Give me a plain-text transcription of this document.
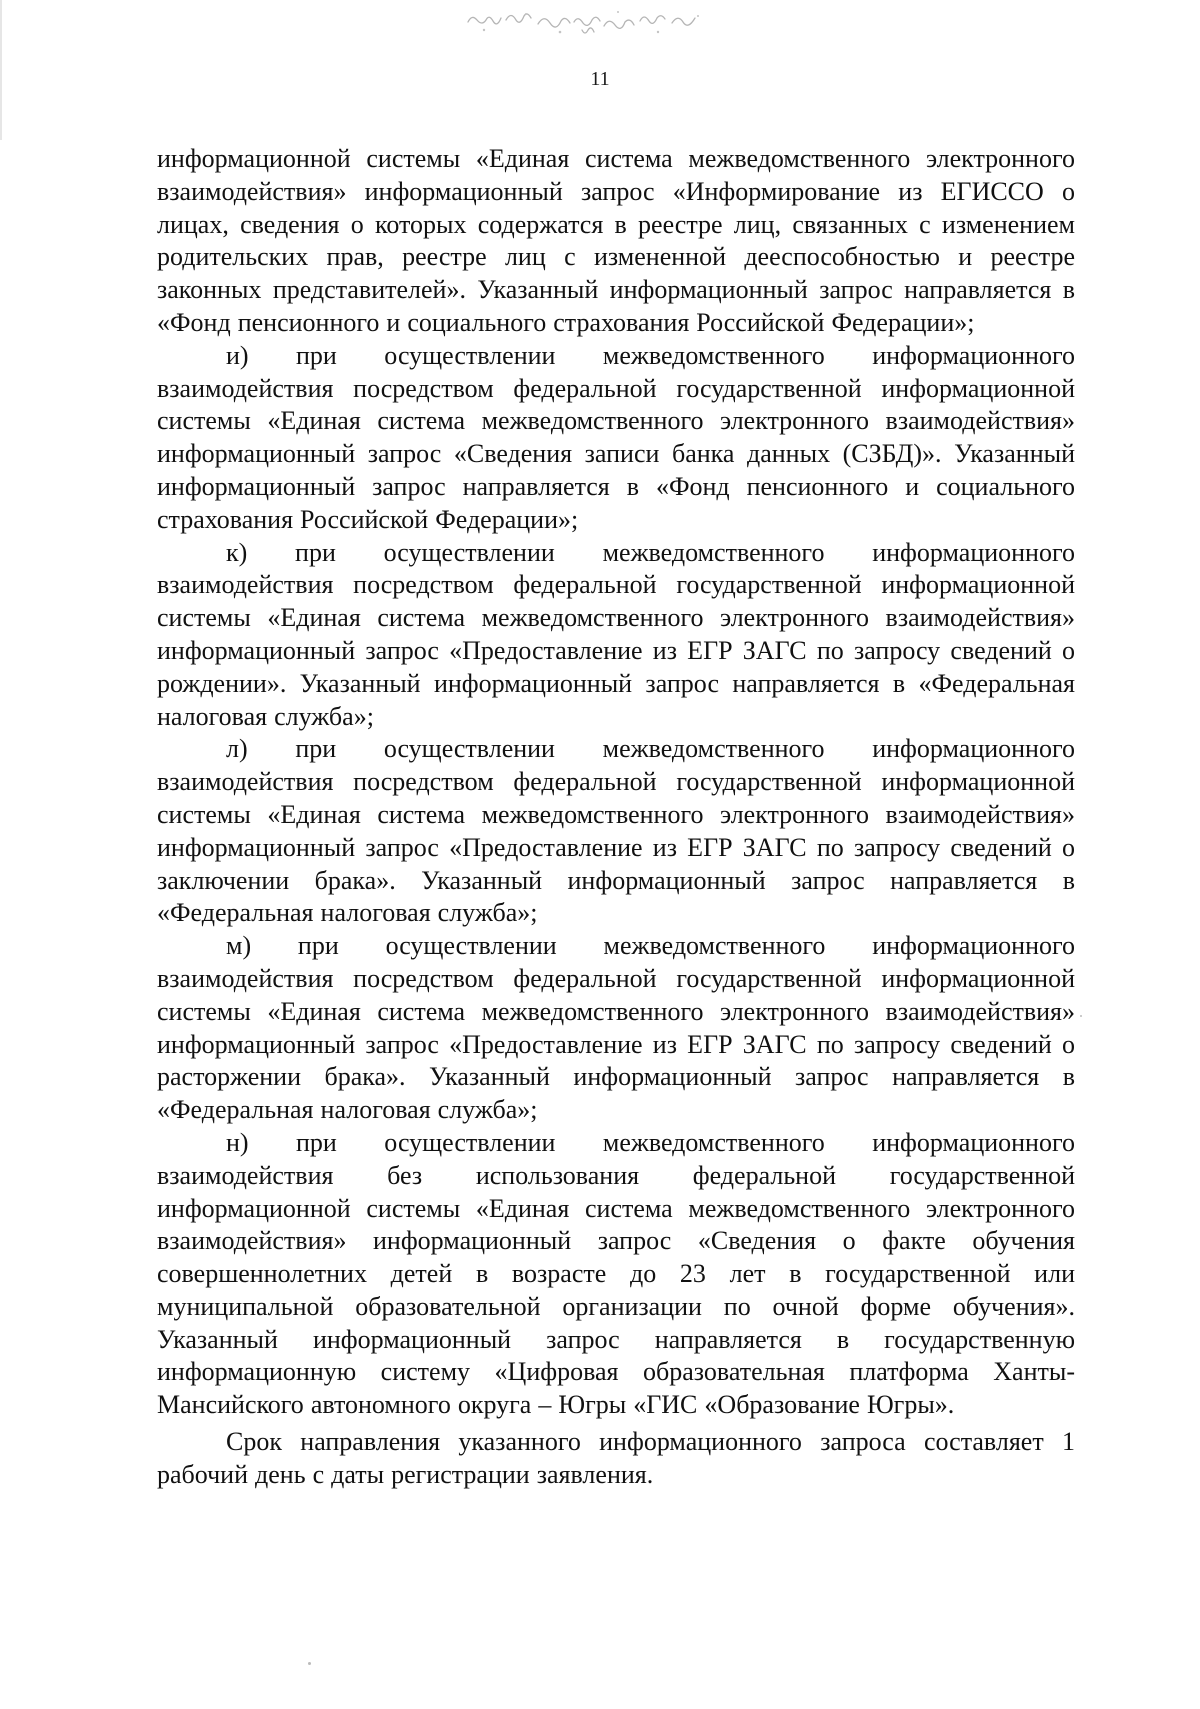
11

информационной системы «Единая система межведомственного электронного взаимодействия» информационный запрос «Информирование из ЕГИССО о лицах, сведения о которых содержатся в реестре лиц, связанных с изменением родительских прав, реестре лиц с измененной дееспособностью и реестре законных представителей». Указанный информационный запрос направляется в «Фонд пенсионного и социального страхования Российской Федерации»;

и) при осуществлении межведомственного информационного взаимодействия посредством федеральной государственной информационной системы «Единая система межведомственного электронного взаимодействия» информационный запрос «Сведения записи банка данных (СЗБД)». Указанный информационный запрос направляется в «Фонд пенсионного и социального страхования Российской Федерации»;

к) при осуществлении межведомственного информационного взаимодействия посредством федеральной государственной информационной системы «Единая система межведомственного электронного взаимодействия» информационный запрос «Предоставление из ЕГР ЗАГС по запросу сведений о рождении». Указанный информационный запрос направляется в «Федеральная налоговая служба»;

л) при осуществлении межведомственного информационного взаимодействия посредством федеральной государственной информационной системы «Единая система межведомственного электронного взаимодействия» информационный запрос «Предоставление из ЕГР ЗАГС по запросу сведений о заключении брака». Указанный информационный запрос направляется в «Федеральная налоговая служба»;

м) при осуществлении межведомственного информационного взаимодействия посредством федеральной государственной информационной системы «Единая система межведомственного электронного взаимодействия» информационный запрос «Предоставление из ЕГР ЗАГС по запросу сведений о расторжении брака». Указанный информационный запрос направляется в «Федеральная налоговая служба»;

н) при осуществлении межведомственного информационного взаимодействия без использования федеральной государственной информационной системы «Единая система межведомственного электронного взаимодействия» информационный запрос «Сведения о факте обучения совершеннолетних детей в возрасте до 23 лет в государственной или муниципальной образовательной организации по очной форме обучения». Указанный информационный запрос направляется в государственную информационную систему «Цифровая образовательная платформа Ханты-Мансийского автономного округа – Югры «ГИС «Образование Югры».

Срок направления указанного информационного запроса составляет 1 рабочий день с даты регистрации заявления.
